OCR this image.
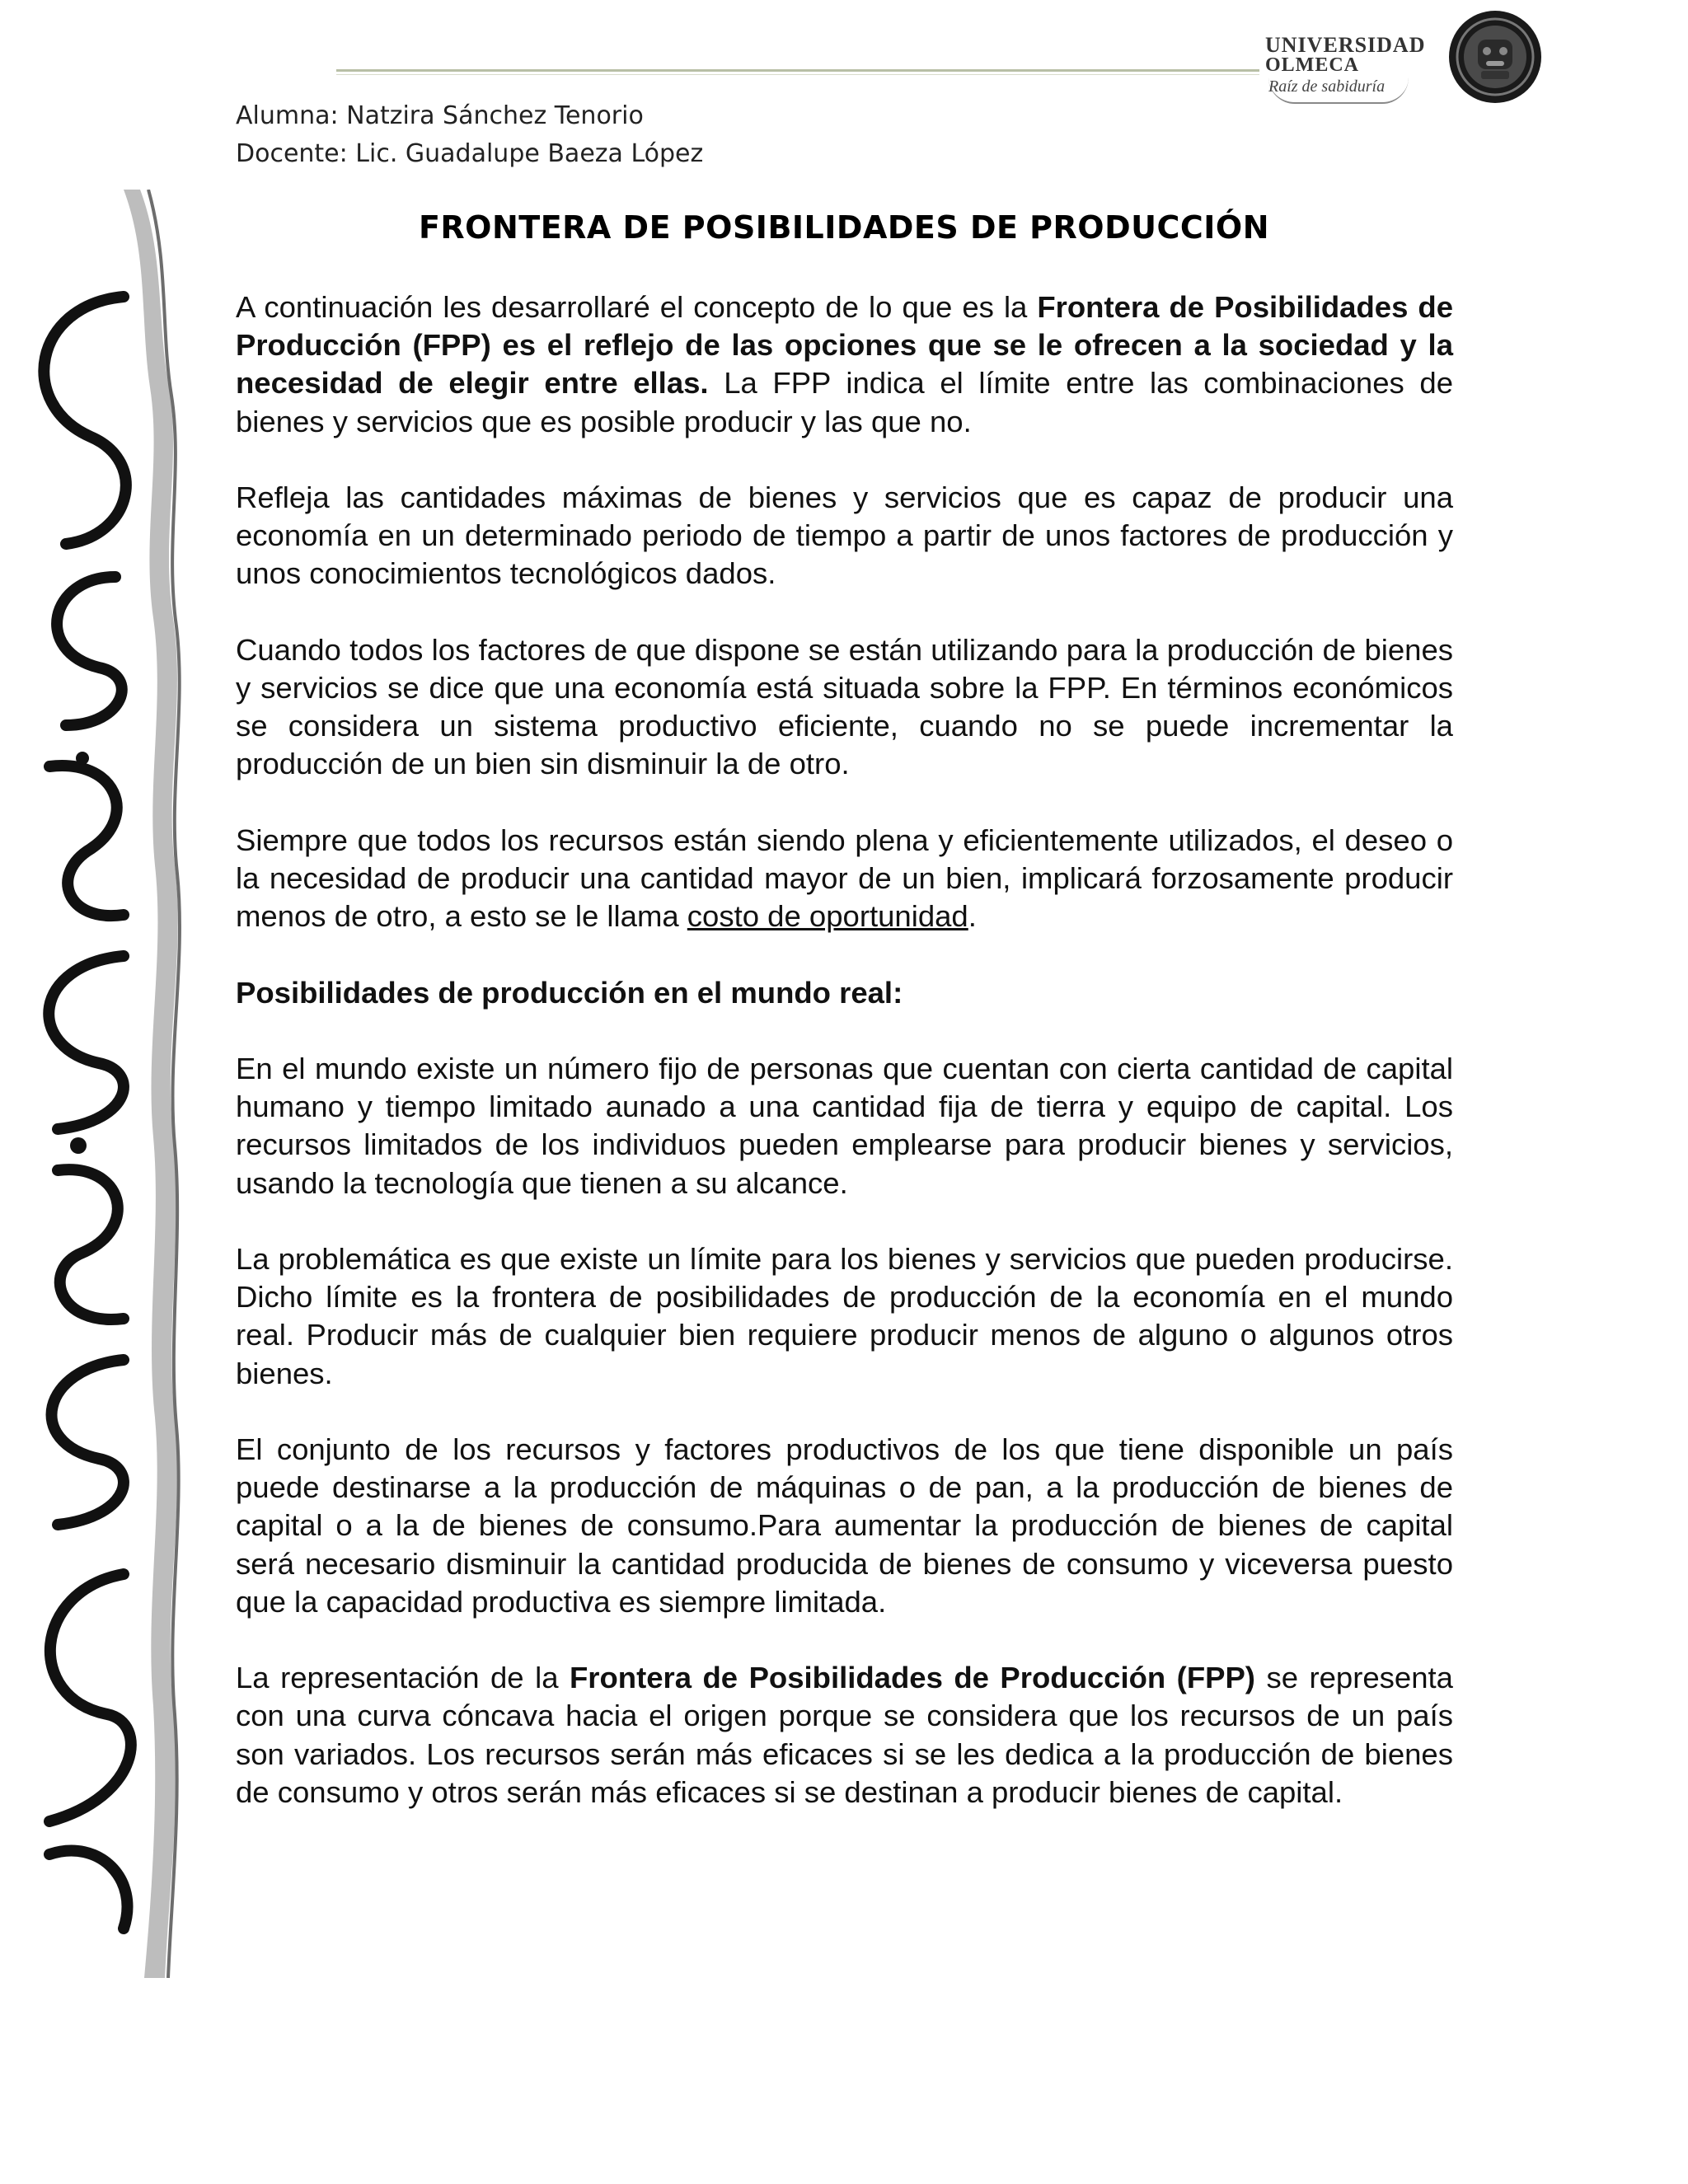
UNIVERSIDAD
OLMECA
Raíz de sabiduría
Alumna: Natzira Sánchez Tenorio
Docente: Lic. Guadalupe Baeza López
FRONTERA DE POSIBILIDADES DE PRODUCCIÓN

A continuación les desarrollaré el concepto de lo que es la Frontera de Posibilidades de Producción (FPP) es el reflejo de las opciones que se le ofrecen a la sociedad y la necesidad de elegir entre ellas. La FPP indica el límite entre las combinaciones de bienes y servicios que es posible producir y las que no.

Refleja las cantidades máximas de bienes y servicios que es capaz de producir una economía en un determinado periodo de tiempo a partir de unos factores de producción y unos conocimientos tecnológicos dados.

Cuando todos los factores de que dispone se están utilizando para la producción de bienes y servicios se dice que una economía está situada sobre la FPP. En términos económicos se considera un sistema productivo eficiente, cuando no se puede incrementar la producción de un bien sin disminuir la de otro.

Siempre que todos los recursos están siendo plena y eficientemente utilizados, el deseo o la necesidad de producir una cantidad mayor de un bien, implicará forzosamente producir menos de otro, a esto se le llama costo de oportunidad.

Posibilidades de producción en el mundo real:

En el mundo existe un número fijo de personas que cuentan con cierta cantidad de capital humano y tiempo limitado aunado a una cantidad fija de tierra y equipo de capital. Los recursos limitados de los individuos pueden emplearse para producir bienes y servicios, usando la tecnología que tienen a su alcance.

La problemática es que existe un límite para los bienes y servicios que pueden producirse. Dicho límite es la frontera de posibilidades de producción de la economía en el mundo real. Producir más de cualquier bien requiere producir menos de alguno o algunos otros bienes.

El conjunto de los recursos y factores productivos de los que tiene disponible un país puede destinarse a la producción de máquinas o de pan, a la producción de bienes de capital o a la de bienes de consumo.Para aumentar la producción de bienes de capital será necesario disminuir la cantidad producida de bienes de consumo y viceversa puesto que la capacidad productiva es siempre limitada.

La representación de la Frontera de Posibilidades de Producción (FPP) se representa con una curva cóncava hacia el origen porque se considera que los recursos de un país son variados. Los recursos serán más eficaces si se les dedica a la producción de bienes de consumo y otros serán más eficaces si se destinan a producir bienes de capital.
